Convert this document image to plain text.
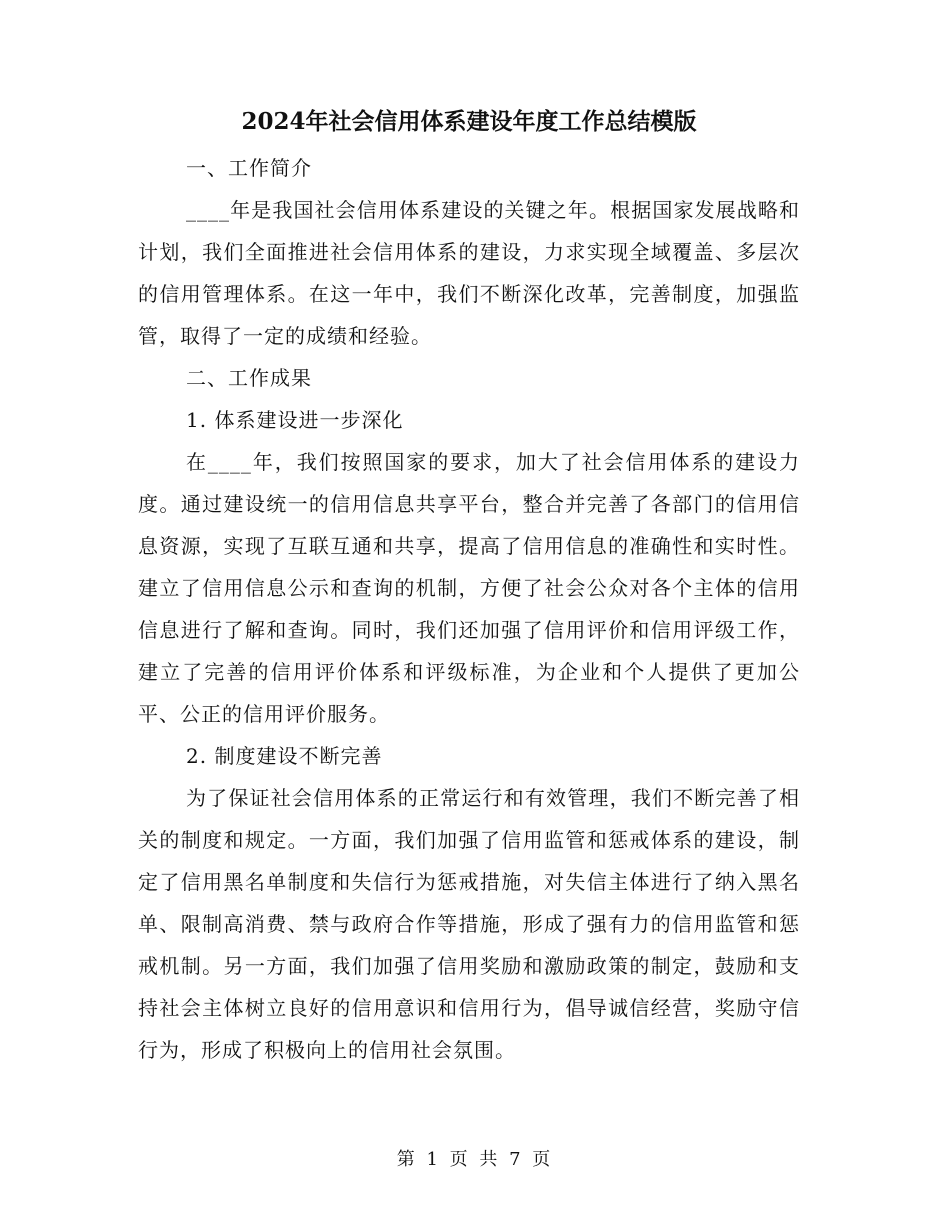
2024年社会信用体系建设年度工作总结模版

一、工作简介

____年是我国社会信用体系建设的关键之年。根据国家发展战略和计划，我们全面推进社会信用体系的建设，力求实现全域覆盖、多层次的信用管理体系。在这一年中，我们不断深化改革，完善制度，加强监管，取得了一定的成绩和经验。

二、工作成果

1. 体系建设进一步深化

在____年，我们按照国家的要求，加大了社会信用体系的建设力度。通过建设统一的信用信息共享平台，整合并完善了各部门的信用信息资源，实现了互联互通和共享，提高了信用信息的准确性和实时性。建立了信用信息公示和查询的机制，方便了社会公众对各个主体的信用信息进行了解和查询。同时，我们还加强了信用评价和信用评级工作，建立了完善的信用评价体系和评级标准，为企业和个人提供了更加公平、公正的信用评价服务。

2. 制度建设不断完善

为了保证社会信用体系的正常运行和有效管理，我们不断完善了相关的制度和规定。一方面，我们加强了信用监管和惩戒体系的建设，制定了信用黑名单制度和失信行为惩戒措施，对失信主体进行了纳入黑名单、限制高消费、禁与政府合作等措施，形成了强有力的信用监管和惩戒机制。另一方面，我们加强了信用奖励和激励政策的制定，鼓励和支持社会主体树立良好的信用意识和信用行为，倡导诚信经营，奖励守信行为，形成了积极向上的信用社会氛围。

第 1 页 共 7 页
